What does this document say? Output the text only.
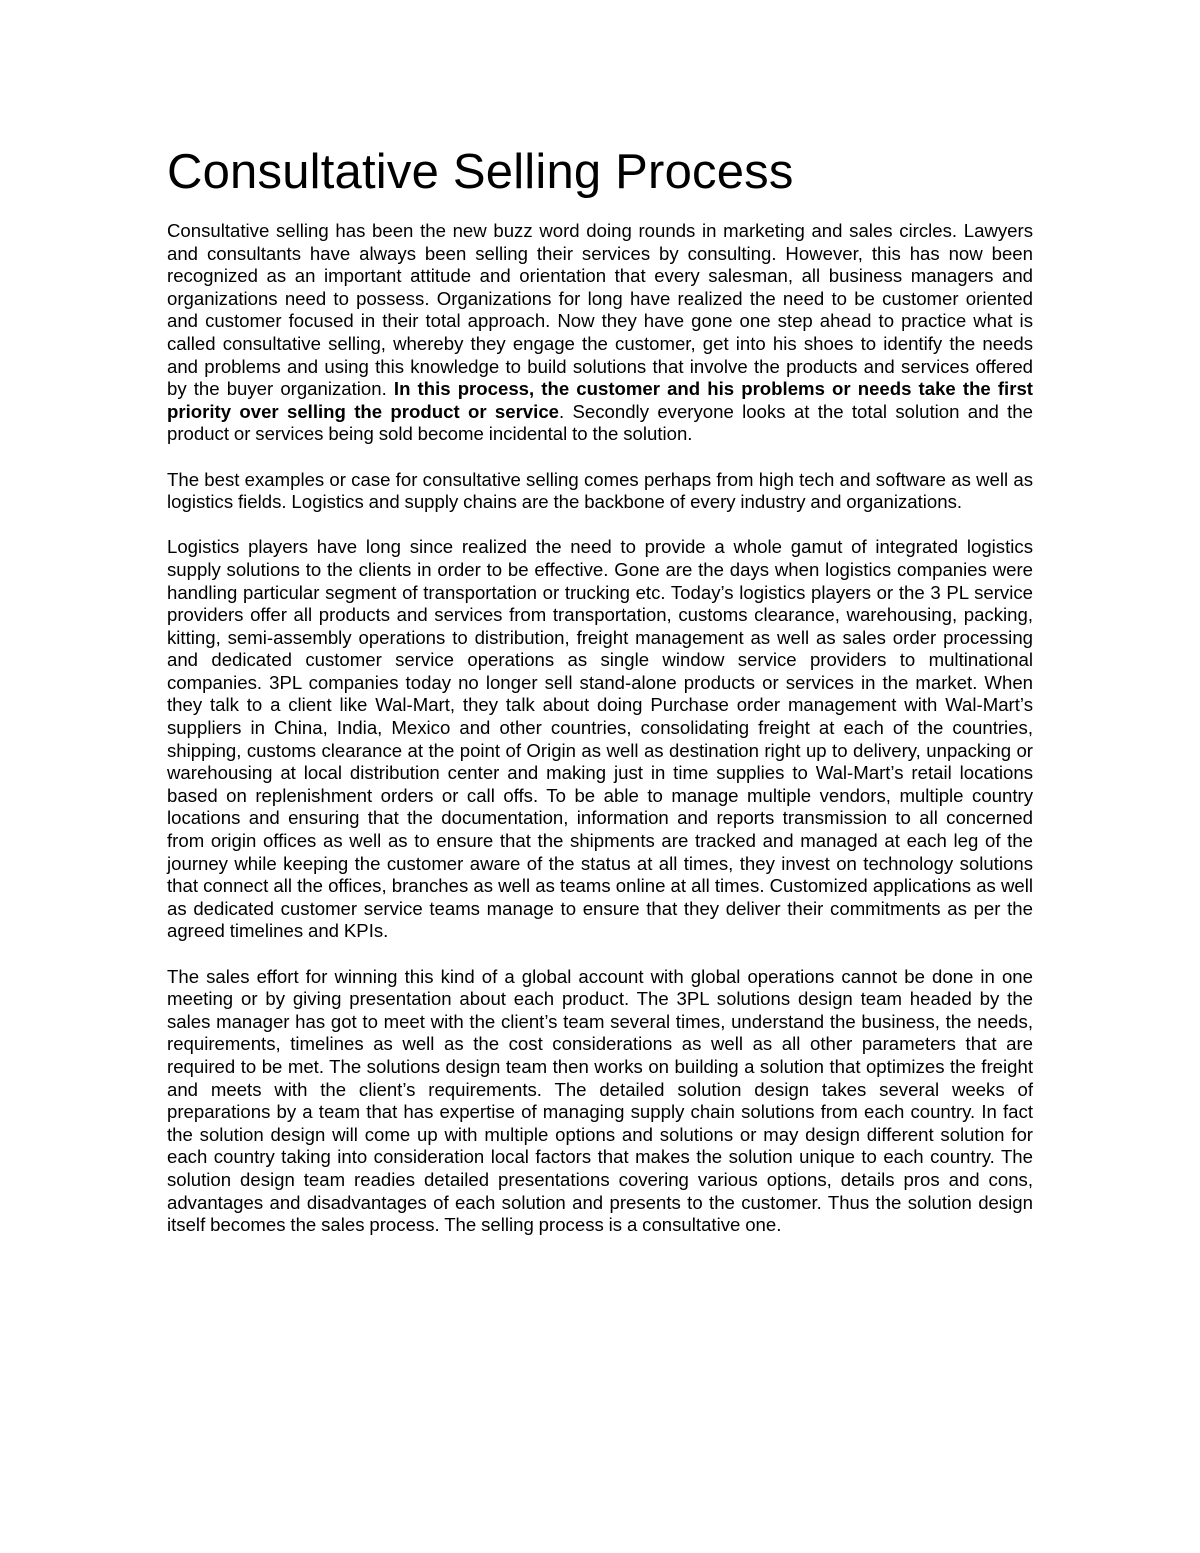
Consultative Selling Process

Consultative selling has been the new buzz word doing rounds in marketing and sales circles. Lawyers and consultants have always been selling their services by consulting. However, this has now been recognized as an important attitude and orientation that every salesman, all business managers and organizations need to possess. Organizations for long have realized the need to be customer oriented and customer focused in their total approach. Now they have gone one step ahead to practice what is called consultative selling, whereby they engage the customer, get into his shoes to identify the needs and problems and using this knowledge to build solutions that involve the products and services offered by the buyer organization. In this process, the customer and his problems or needs take the first priority over selling the product or service. Secondly everyone looks at the total solution and the product or services being sold become incidental to the solution.

The best examples or case for consultative selling comes perhaps from high tech and software as well as logistics fields. Logistics and supply chains are the backbone of every industry and organizations.

Logistics players have long since realized the need to provide a whole gamut of integrated logistics supply solutions to the clients in order to be effective. Gone are the days when logistics companies were handling particular segment of transportation or trucking etc. Today’s logistics players or the 3 PL service providers offer all products and services from transportation, customs clearance, warehousing, packing, kitting, semi-assembly operations to distribution, freight management as well as sales order processing and dedicated customer service operations as single window service providers to multinational companies. 3PL companies today no longer sell stand-alone products or services in the market. When they talk to a client like Wal-Mart, they talk about doing Purchase order management with Wal-Mart’s suppliers in China, India, Mexico and other countries, consolidating freight at each of the countries, shipping, customs clearance at the point of Origin as well as destination right up to delivery, unpacking or warehousing at local distribution center and making just in time supplies to Wal-Mart’s retail locations based on replenishment orders or call offs. To be able to manage multiple vendors, multiple country locations and ensuring that the documentation, information and reports transmission to all concerned from origin offices as well as to ensure that the shipments are tracked and managed at each leg of the journey while keeping the customer aware of the status at all times, they invest on technology solutions that connect all the offices, branches as well as teams online at all times. Customized applications as well as dedicated customer service teams manage to ensure that they deliver their commitments as per the agreed timelines and KPIs.

The sales effort for winning this kind of a global account with global operations cannot be done in one meeting or by giving presentation about each product. The 3PL solutions design team headed by the sales manager has got to meet with the client’s team several times, understand the business, the needs, requirements, timelines as well as the cost considerations as well as all other parameters that are required to be met. The solutions design team then works on building a solution that optimizes the freight and meets with the client’s requirements. The detailed solution design takes several weeks of preparations by a team that has expertise of managing supply chain solutions from each country. In fact the solution design will come up with multiple options and solutions or may design different solution for each country taking into consideration local factors that makes the solution unique to each country. The solution design team readies detailed presentations covering various options, details pros and cons, advantages and disadvantages of each solution and presents to the customer. Thus the solution design itself becomes the sales process. The selling process is a consultative one.
